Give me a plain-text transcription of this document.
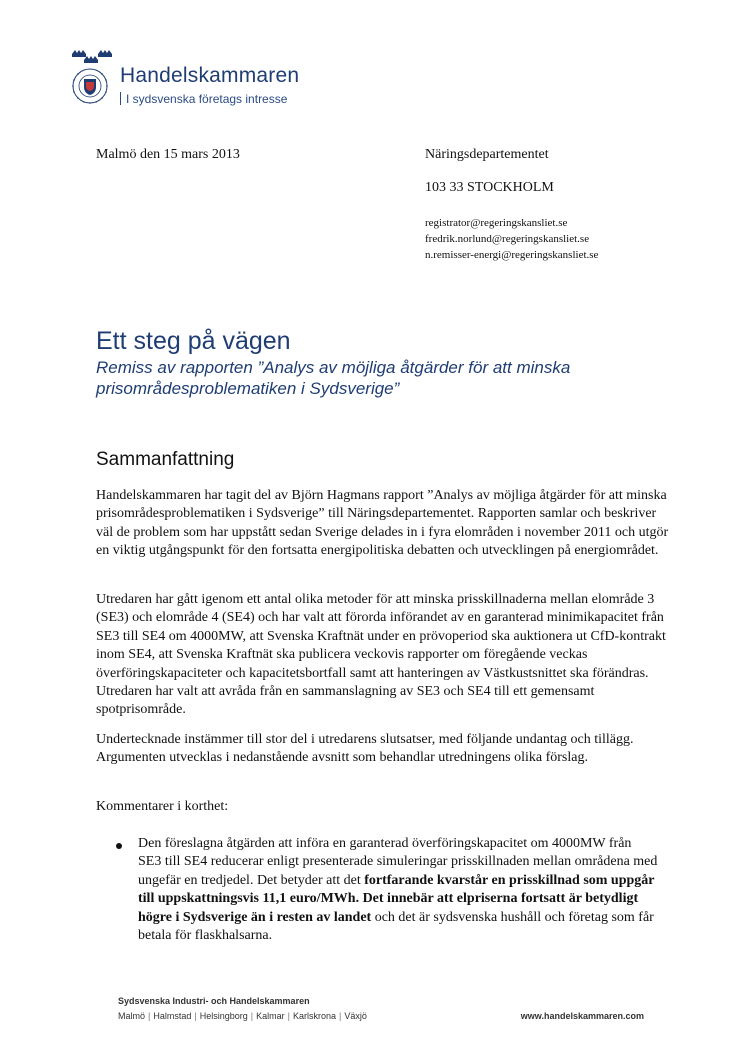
Handelskammaren
I sydsvenska företags intresse
Malmö den 15 mars 2013	Näringsdepartementet
103 33 STOCKHOLM
registrator@regeringskansliet.se
fredrik.norlund@regeringskansliet.se
n.remisser-energi@regeringskansliet.se
Ett steg på vägen
Remiss av rapporten ”Analys av möjliga åtgärder för att minska prisområdesproblematiken i Sydsverige”
Sammanfattning
Handelskammaren har tagit del av Björn Hagmans rapport ”Analys av möjliga åtgärder för att minska prisområdesproblematiken i Sydsverige” till Näringsdepartementet. Rapporten samlar och beskriver väl de problem som har uppstått sedan Sverige delades in i fyra elområden i november 2011 och utgör en viktig utgångspunkt för den fortsatta energipolitiska debatten och utvecklingen på energiområdet.
Utredaren har gått igenom ett antal olika metoder för att minska prisskillnaderna mellan elområde 3 (SE3) och elområde 4 (SE4) och har valt att förorda införandet av en garanterad minimikapacitet från SE3 till SE4 om 4000MW, att Svenska Kraftnät under en prövoperiod ska auktionera ut CfD-kontrakt inom SE4, att Svenska Kraftnät ska publicera veckovis rapporter om föregående veckas överföringskapaciteter och kapacitetsbortfall samt att hanteringen av Västkustsnittet ska förändras. Utredaren har valt att avråda från en sammanslagning av SE3 och SE4 till ett gemensamt spotprisområde.
Undertecknade instämmer till stor del i utredarens slutsatser, med följande undantag och tillägg. Argumenten utvecklas i nedanstående avsnitt som behandlar utredningens olika förslag.
Kommentarer i korthet:
Den föreslagna åtgärden att införa en garanterad överföringskapacitet om 4000MW från SE3 till SE4 reducerar enligt presenterade simuleringar prisskillnaden mellan områdena med ungefär en tredjedel. Det betyder att det fortfarande kvarstår en prisskillnad som uppgår till uppskattningsvis 11,1 euro/MWh. Det innebär att elpriserna fortsatt är betydligt högre i Sydsverige än i resten av landet och det är sydsvenska hushåll och företag som får betala för flaskhalsarna.
Sydsvenska Industri- och Handelskammaren
Malmö | Halmstad | Helsingborg | Kalmar | Karlskrona | Växjö	www.handelskammaren.com
